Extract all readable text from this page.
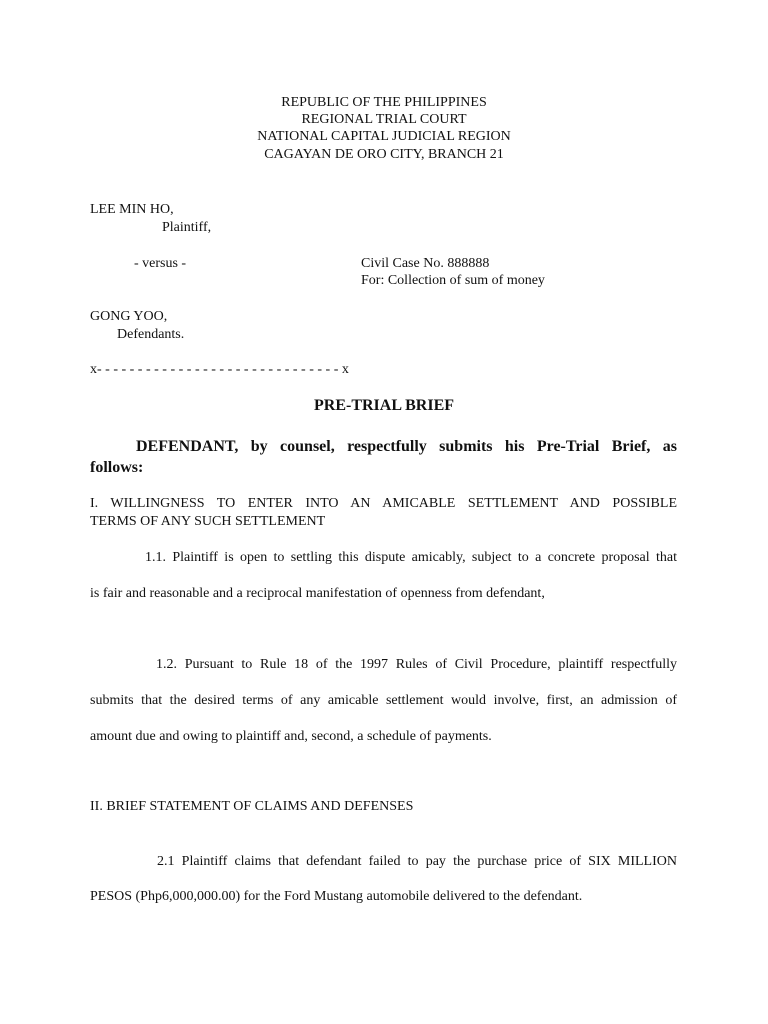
REPUBLIC OF THE PHILIPPINES
REGIONAL TRIAL COURT
NATIONAL CAPITAL JUDICIAL REGION
CAGAYAN DE ORO CITY, BRANCH 21
LEE MIN HO,
Plaintiff,
- versus -	Civil Case No. 888888
For: Collection of sum of money
GONG YOO,
Defendants.
x- - - - - - - - - - - - - - - - - - - - - - - - - - - - - - x
PRE-TRIAL BRIEF
DEFENDANT, by counsel, respectfully submits his Pre-Trial Brief, as
follows:
I. WILLINGNESS TO ENTER INTO AN AMICABLE SETTLEMENT AND POSSIBLE
TERMS OF ANY SUCH SETTLEMENT
1.1. Plaintiff is open to settling this dispute amicably, subject to a concrete proposal that
is fair and reasonable and a reciprocal manifestation of openness from defendant,
1.2. Pursuant to Rule 18 of the 1997 Rules of Civil Procedure, plaintiff respectfully
submits that the desired terms of any amicable settlement would involve, first, an admission of
amount due and owing to plaintiff and, second, a schedule of payments.
II. BRIEF STATEMENT OF CLAIMS AND DEFENSES
2.1 Plaintiff claims that defendant failed to pay the purchase price of SIX MILLION
PESOS (Php6,000,000.00) for the Ford Mustang automobile delivered to the defendant.
